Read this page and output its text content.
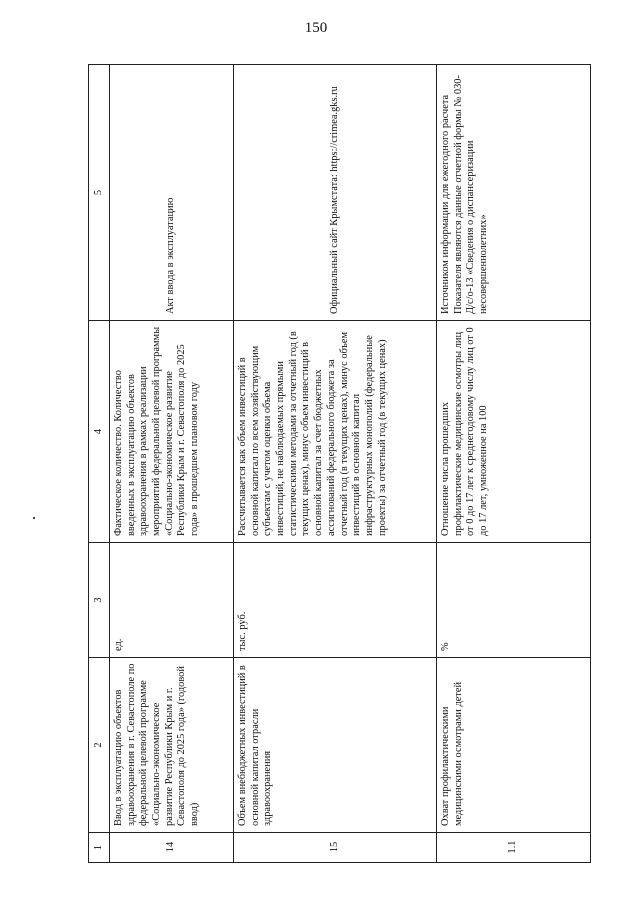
150
1	2	3	4	5
14	Ввод в эксплуатацию объектов здравоохранения в г. Севастополе по федеральной целевой программе «Социально-экономическое развитие Республики Крым и г. Севастополя до 2025 года» (годовой ввод)	ед.	Фактическое количество. Количество введенных в эксплуатацию объектов здравоохранения в рамках реализации мероприятий федеральной целевой программы «Социально-экономическое развитие Республики Крым и г. Севастополя до 2025 года» в прошедшем плановом году	Акт ввода в эксплуатацию
15	Объем внебюджетных инвестиций в основной капитал отрасли здравоохранения	тыс. руб.	Рассчитывается как объем инвестиций в основной капитал по всем хозяйствующим субъектам с учетом оценки объема инвестиций, не наблюдаемых прямыми статистическими методами за отчетный год (в текущих ценах), минус объем инвестиций в основной капитал за счет бюджетных ассигнований федерального бюджета за отчетный год (в текущих ценах), минус объем инвестиций в основной капитал инфраструктурных монополий (федеральные проекты) за отчетный год (в текущих ценах)	Официальный сайт Крымстата: https://crimea.gks.ru
1.1	Охват профилактическими медицинскими осмотрами детей	%	Отношение числа прошедших профилактические медицинские осмотры лиц от 0 до 17 лет к среднегодовому числу лиц от 0 до 17 лет, умноженное на 100	Источником информации для ежегодного расчета Показателя являются данные отчетной формы № 030-Д/с/о-13 «Сведения о диспансеризации несовершеннолетних»
